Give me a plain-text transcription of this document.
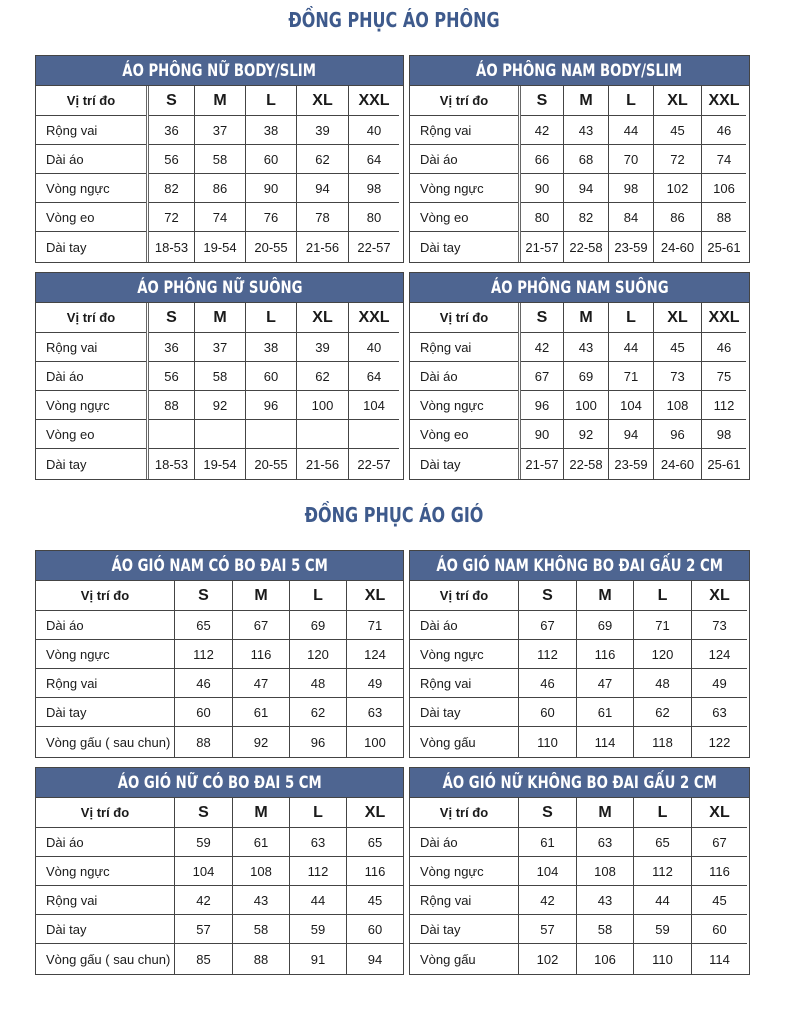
ĐỒNG PHỤC ÁO PHÔNG
ĐỒNG PHỤC ÁO GIÓ
ÁO PHÔNG NỮ BODY/SLIM
Vị trí đo
Rộng vai
Dài áo
Vòng ngực
Vòng eo
Dài tay
S
36
56
82
72
18-53
M
37
58
86
74
19-54
L
38
60
90
76
20-55
XL
39
62
94
78
21-56
XXL
40
64
98
80
22-57
ÁO PHÔNG NAM BODY/SLIM
Vị trí đo
Rộng vai
Dài áo
Vòng ngực
Vòng eo
Dài tay
S
42
66
90
80
21-57
M
43
68
94
82
22-58
L
44
70
98
84
23-59
XL
45
72
102
86
24-60
XXL
46
74
106
88
25-61
ÁO PHÔNG NỮ SUÔNG
Vị trí đo
Rộng vai
Dài áo
Vòng ngực
Vòng eo
Dài tay
S
36
56
88
18-53
M
37
58
92
19-54
L
38
60
96
20-55
XL
39
62
100
21-56
XXL
40
64
104
22-57
ÁO PHÔNG NAM SUÔNG
Vị trí đo
Rộng vai
Dài áo
Vòng ngực
Vòng eo
Dài tay
S
42
67
96
90
21-57
M
43
69
100
92
22-58
L
44
71
104
94
23-59
XL
45
73
108
96
24-60
XXL
46
75
112
98
25-61
ÁO GIÓ NAM CÓ BO ĐAI 5 CM
Vị trí đo
Dài áo
Vòng ngực
Rộng vai
Dài tay
Vòng gấu ( sau chun)
S
65
112
46
60
88
M
67
116
47
61
92
L
69
120
48
62
96
XL
71
124
49
63
100
ÁO GIÓ NAM KHÔNG BO ĐAI GẤU 2 CM
Vị trí đo
Dài áo
Vòng ngực
Rộng vai
Dài tay
Vòng gấu
S
67
112
46
60
110
M
69
116
47
61
114
L
71
120
48
62
118
XL
73
124
49
63
122
ÁO GIÓ NỮ CÓ BO ĐAI 5 CM
Vị trí đo
Dài áo
Vòng ngực
Rộng vai
Dài tay
Vòng gấu ( sau chun)
S
59
104
42
57
85
M
61
108
43
58
88
L
63
112
44
59
91
XL
65
116
45
60
94
ÁO GIÓ NỮ KHÔNG BO ĐAI GẤU 2 CM
Vị trí đo
Dài áo
Vòng ngực
Rộng vai
Dài tay
Vòng gấu
S
61
104
42
57
102
M
63
108
43
58
106
L
65
112
44
59
110
XL
67
116
45
60
114
